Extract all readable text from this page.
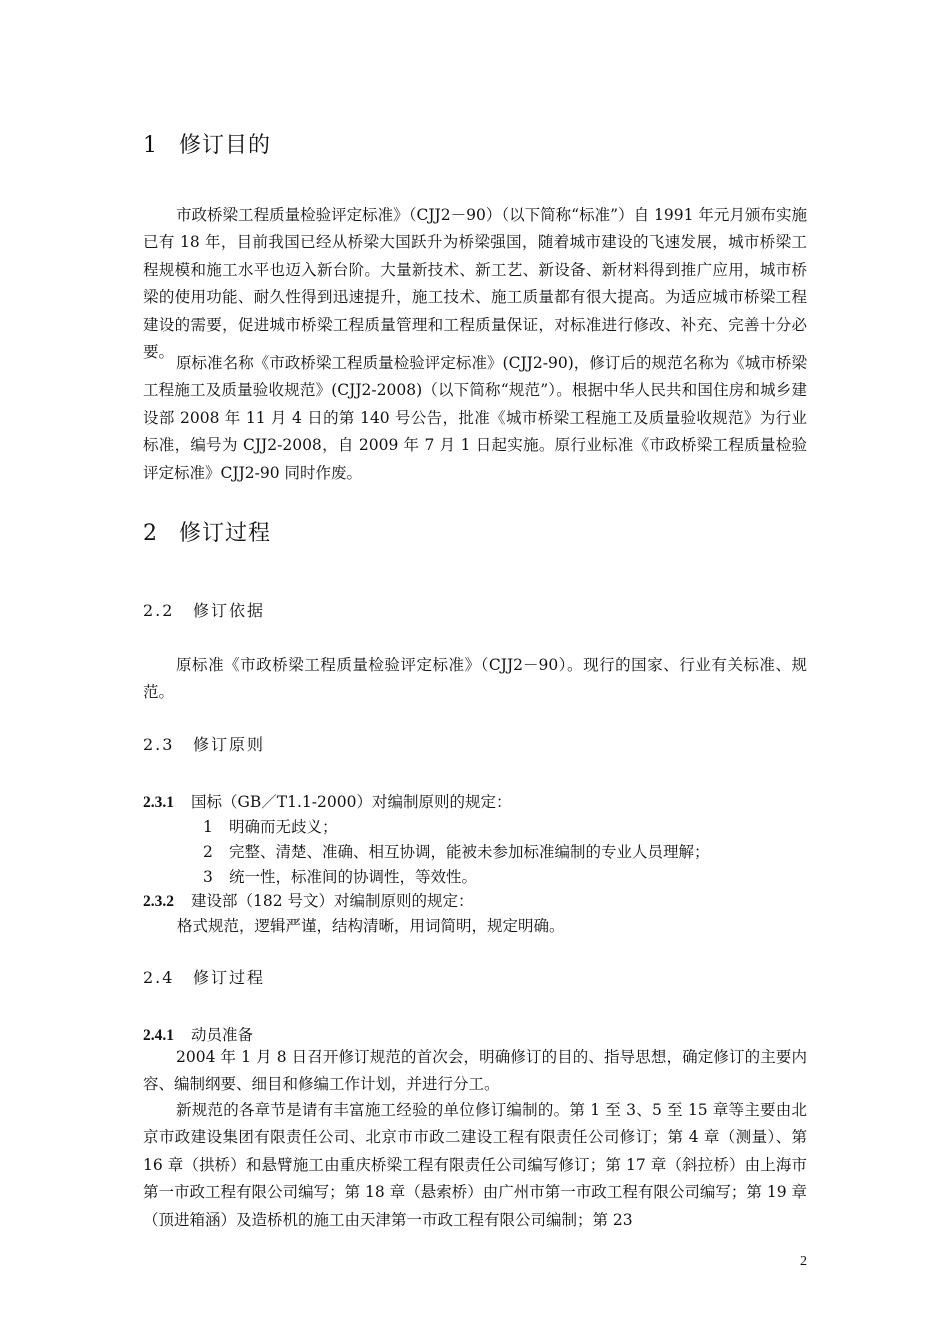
1 修订目的

市政桥梁工程质量检验评定标准》（CJJ2－90）（以下简称“标准”）自 1991 年元月颁布实施已有 18 年，目前我国已经从桥梁大国跃升为桥梁强国，随着城市建设的飞速发展，城市桥梁工程规模和施工水平也迈入新台阶。大量新技术、新工艺、新设备、新材料得到推广应用，城市桥梁的使用功能、耐久性得到迅速提升，施工技术、施工质量都有很大提高。为适应城市桥梁工程建设的需要，促进城市桥梁工程质量管理和工程质量保证，对标准进行修改、补充、完善十分必要。

原标准名称《市政桥梁工程质量检验评定标准》(CJJ2-90)，修订后的规范名称为《城市桥梁工程施工及质量验收规范》(CJJ2-2008)（以下简称“规范”）。根据中华人民共和国住房和城乡建设部 2008 年 11 月 4 日的第 140 号公告，批准《城市桥梁工程施工及质量验收规范》为行业标准，编号为 CJJ2-2008，自 2009 年 7 月 1 日起实施。原行业标准《市政桥梁工程质量检验评定标准》CJJ2-90 同时作废。

2 修订过程
2.2 修订依据

原标准《市政桥梁工程质量检验评定标准》（CJJ2－90）。现行的国家、行业有关标准、规范。

2.3 修订原则
2.3.1 国标（GB／T1.1-2000）对编制原则的规定：
1 明确而无歧义；
2 完整、清楚、准确、相互协调，能被未参加标准编制的专业人员理解；
3 统一性，标准间的协调性，等效性。
2.3.2 建设部（182 号文）对编制原则的规定：
格式规范，逻辑严谨，结构清晰，用词简明，规定明确。
2.4 修订过程
2.4.1 动员准备

2004 年 1 月 8 日召开修订规范的首次会，明确修订的目的、指导思想，确定修订的主要内容、编制纲要、细目和修编工作计划，并进行分工。

新规范的各章节是请有丰富施工经验的单位修订编制的。第 1 至 3、5 至 15 章等主要由北京市政建设集团有限责任公司、北京市市政二建设工程有限责任公司修订；第 4 章（测量）、第 16 章（拱桥）和悬臂施工由重庆桥梁工程有限责任公司编写修订；第 17 章（斜拉桥）由上海市第一市政工程有限公司编写；第 18 章（悬索桥）由广州市第一市政工程有限公司编写；第 19 章（顶进箱涵）及造桥机的施工由天津第一市政工程有限公司编制；第 23

2
